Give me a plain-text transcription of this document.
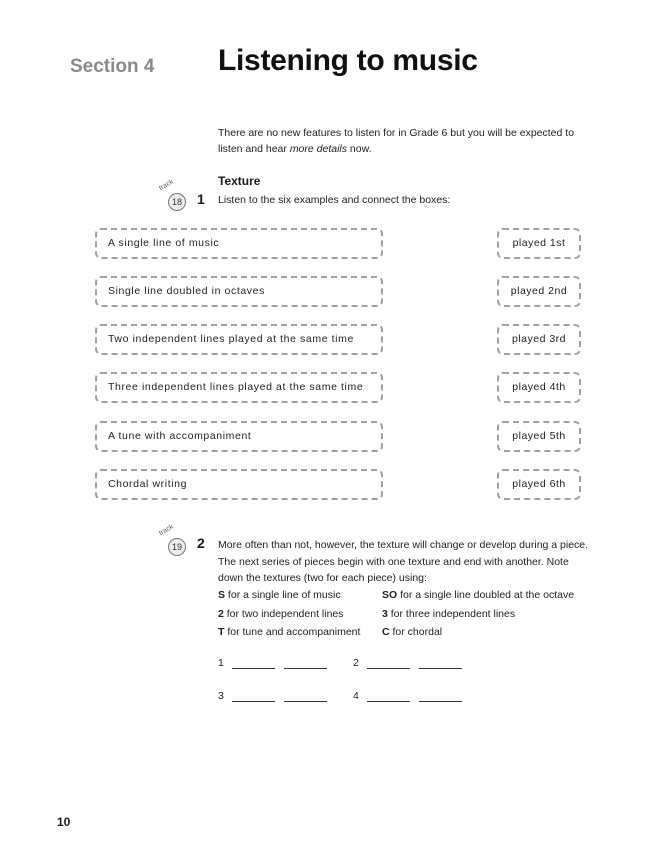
Section 4 Listening to music
There are no new features to listen for in Grade 6 but you will be expected to listen and hear more details now.
Texture
track
18 1 Listen to the six examples and connect the boxes:
A single line of music
Single line doubled in octaves
Two independent lines played at the same time
Three independent lines played at the same time
A tune with accompaniment
Chordal writing
played 1st
played 2nd
played 3rd
played 4th
played 5th
played 6th
track
19 2 More often than not, however, the texture will change or develop during a piece. The next series of pieces begin with one texture and end with another. Note down the textures (two for each piece) using:
S for a single line of music	SO for a single line doubled at the octave
2 for two independent lines	3 for three independent lines
T for tune and accompaniment C for chordal
1	2
3	4
10
